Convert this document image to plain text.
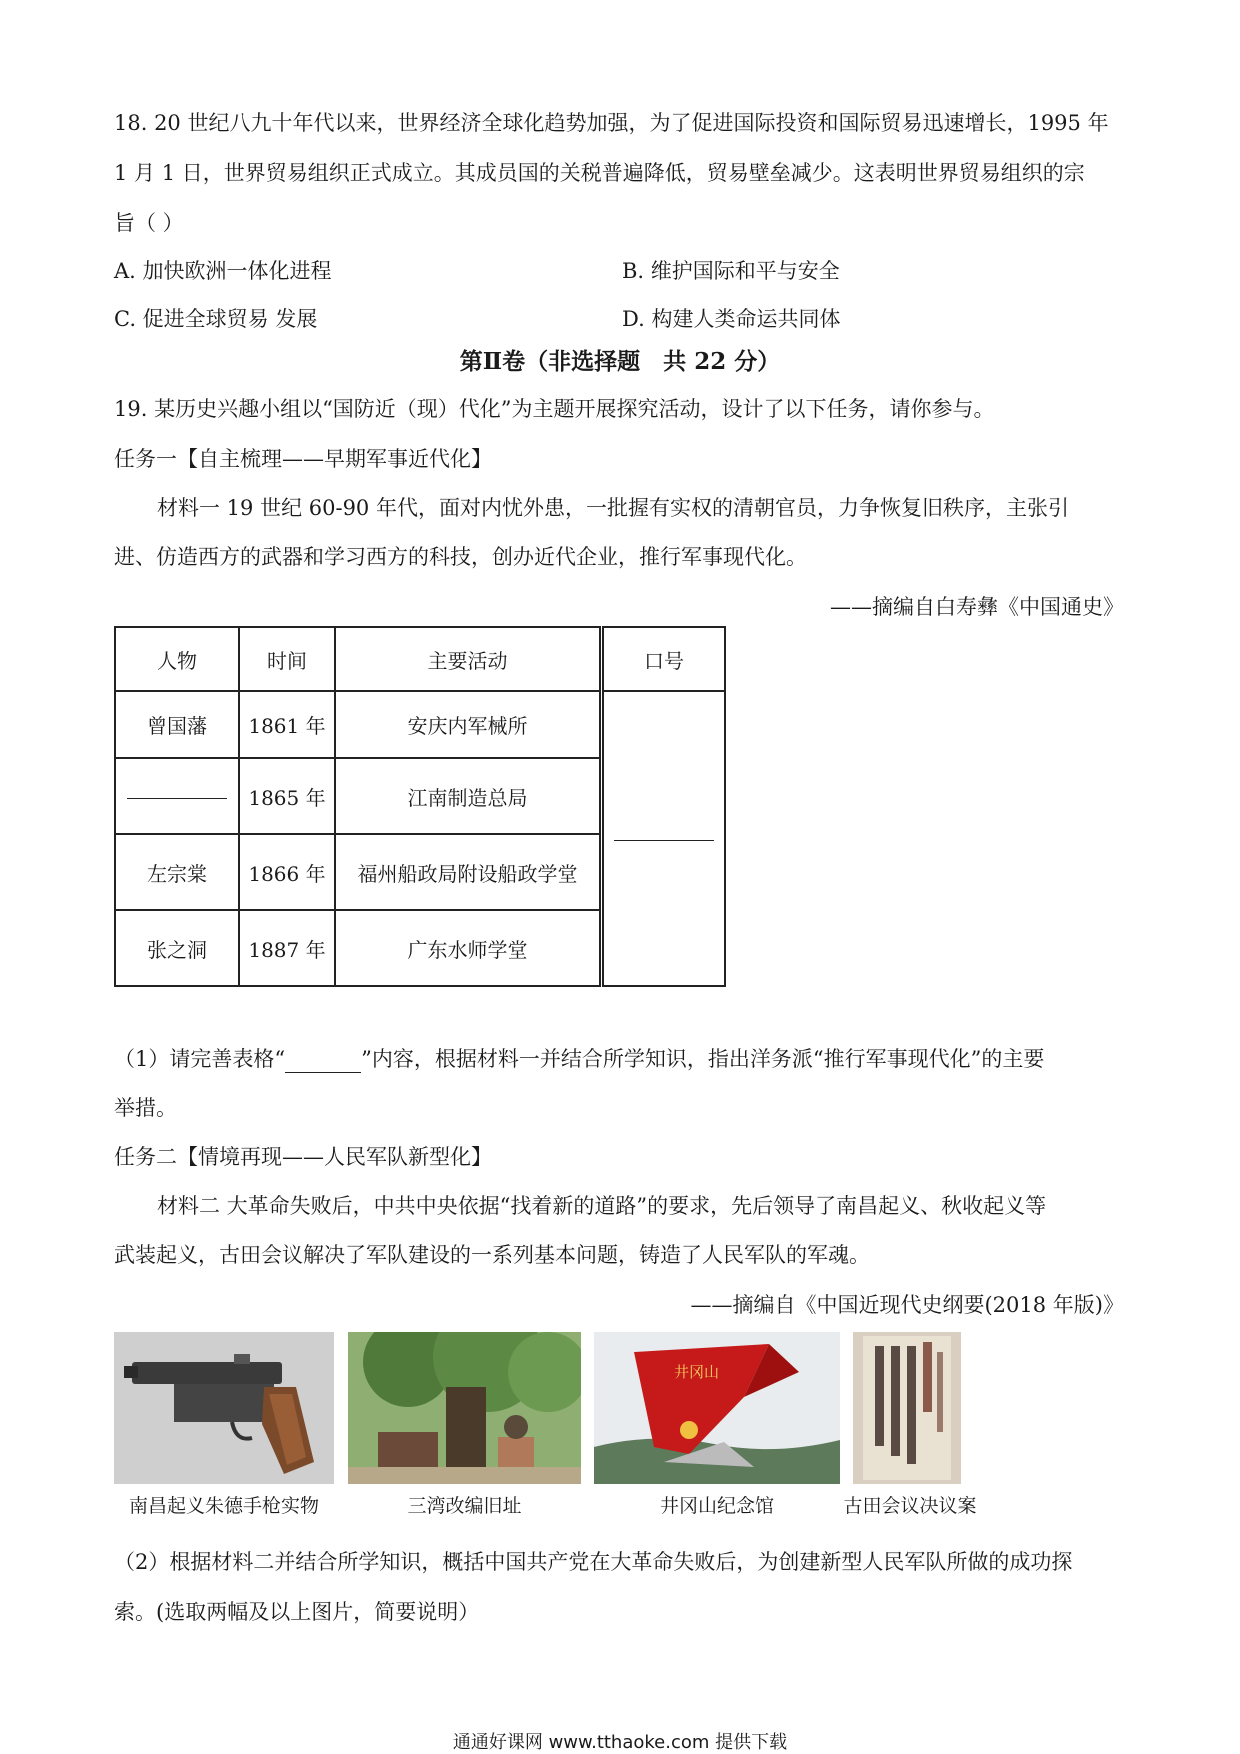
18. 20 世纪八九十年代以来，世界经济全球化趋势加强，为了促进国际投资和国际贸易迅速增长，1995 年
1 月 1 日，世界贸易组织正式成立。其成员国的关税普遍降低，贸易壁垒减少。这表明世界贸易组织的宗
旨（ ）
A. 加快欧洲一体化进程	B. 维护国际和平与安全
C. 促进全球贸易 发展	D. 构建人类命运共同体
第Ⅱ卷（非选择题　共 22 分）
19. 某历史兴趣小组以“国防近（现）代化”为主题开展探究活动，设计了以下任务，请你参与。
任务一【自主梳理——早期军事近代化】
材料一 19 世纪 60-90 年代，面对内忧外患，一批握有实权的清朝官员，力争恢复旧秩序，主张引
进、仿造西方的武器和学习西方的科技，创办近代企业，推行军事现代化。
——摘编自白寿彝《中国通史》
人物	时间	主要活动	口号
曾国藩	1861 年	安庆内军械所	
	1865 年	江南制造总局	
左宗棠	1866 年	福州船政局附设船政学堂	
张之洞	1887 年	广东水师学堂	
（1）请完善表格“	”内容，根据材料一并结合所学知识，指出洋务派“推行军事现代化”的主要
举措。
任务二【情境再现——人民军队新型化】
材料二 大革命失败后，中共中央依据“找着新的道路”的要求，先后领导了南昌起义、秋收起义等
武装起义，古田会议解决了军队建设的一系列基本问题，铸造了人民军队的军魂。
——摘编自《中国近现代史纲要(2018 年版)》
井冈山
南昌起义朱德手枪实物	三湾改编旧址	井冈山纪念馆	古田会议决议案
（2）根据材料二并结合所学知识，概括中国共产党在大革命失败后，为创建新型人民军队所做的成功探
索。(选取两幅及以上图片，简要说明）
通通好课网 www.tthaoke.com 提供下载
